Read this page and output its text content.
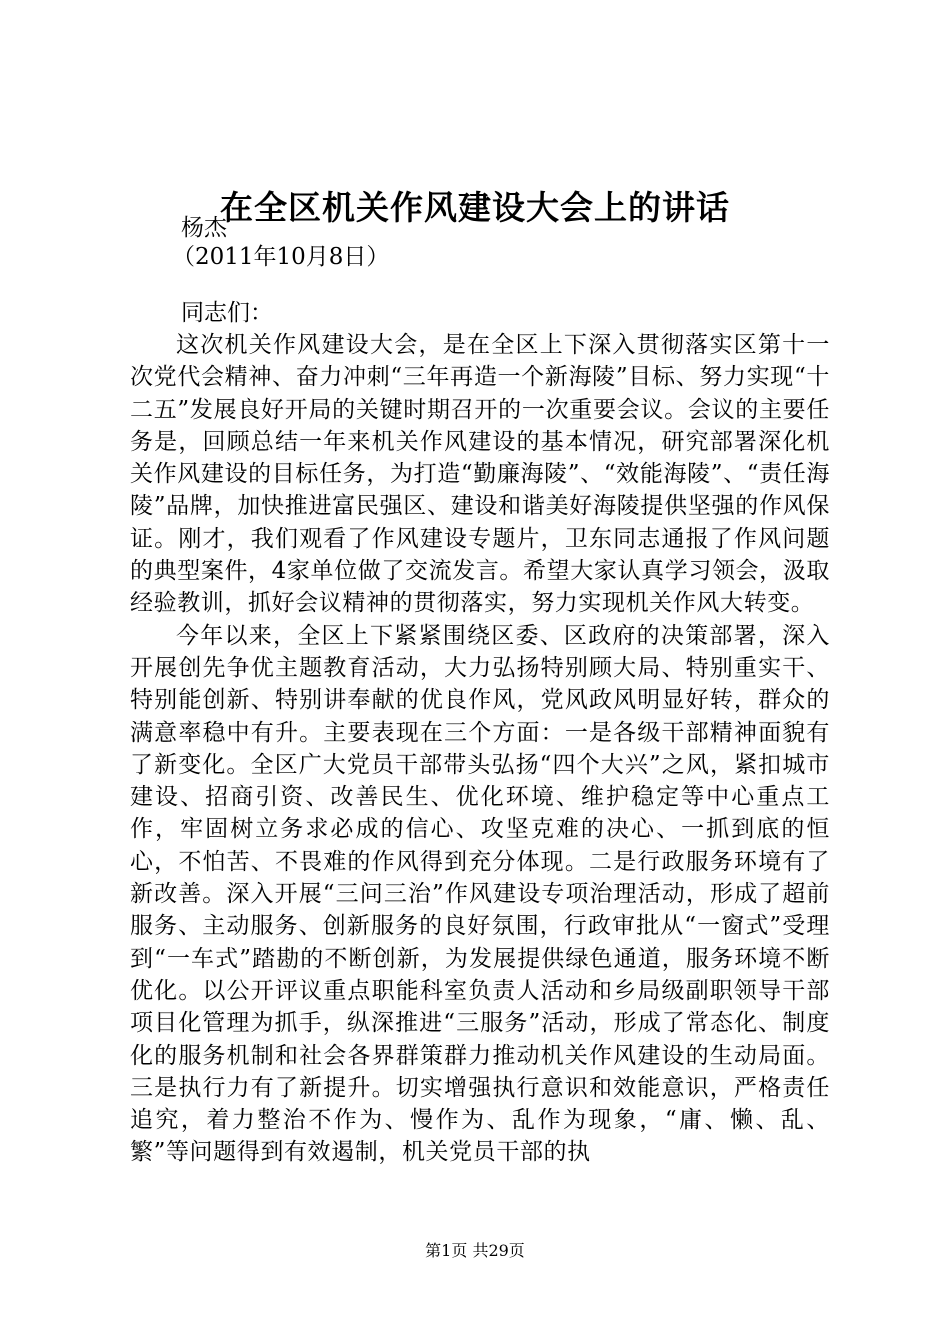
在全区机关作风建设大会上的讲话
杨杰
（2011年10月8日）
同志们：

这次机关作风建设大会，是在全区上下深入贯彻落实区第十一次党代会精神、奋力冲刺“三年再造一个新海陵”目标、努力实现“十二五”发展良好开局的关键时期召开的一次重要会议。会议的主要任务是，回顾总结一年来机关作风建设的基本情况，研究部署深化机关作风建设的目标任务，为打造“勤廉海陵”、“效能海陵”、“责任海陵”品牌，加快推进富民强区、建设和谐美好海陵提供坚强的作风保证。刚才，我们观看了作风建设专题片，卫东同志通报了作风问题的典型案件，4家单位做了交流发言。希望大家认真学习领会，汲取经验教训，抓好会议精神的贯彻落实，努力实现机关作风大转变。

今年以来，全区上下紧紧围绕区委、区政府的决策部署，深入开展创先争优主题教育活动，大力弘扬特别顾大局、特别重实干、特别能创新、特别讲奉献的优良作风，党风政风明显好转，群众的满意率稳中有升。主要表现在三个方面：一是各级干部精神面貌有了新变化。全区广大党员干部带头弘扬“四个大兴”之风，紧扣城市建设、招商引资、改善民生、优化环境、维护稳定等中心重点工作，牢固树立务求必成的信心、攻坚克难的决心、一抓到底的恒心，不怕苦、不畏难的作风得到充分体现。二是行政服务环境有了新改善。深入开展“三问三治”作风建设专项治理活动，形成了超前服务、主动服务、创新服务的良好氛围，行政审批从“一窗式”受理到“一车式”踏勘的不断创新，为发展提供绿色通道，服务环境不断优化。以公开评议重点职能科室负责人活动和乡局级副职领导干部项目化管理为抓手，纵深推进“三服务”活动，形成了常态化、制度化的服务机制和社会各界群策群力推动机关作风建设的生动局面。三是执行力有了新提升。切实增强执行意识和效能意识，严格责任追究，着力整治不作为、慢作为、乱作为现象，“庸、懒、乱、繁”等问题得到有效遏制，机关党员干部的执

第1页 共29页
